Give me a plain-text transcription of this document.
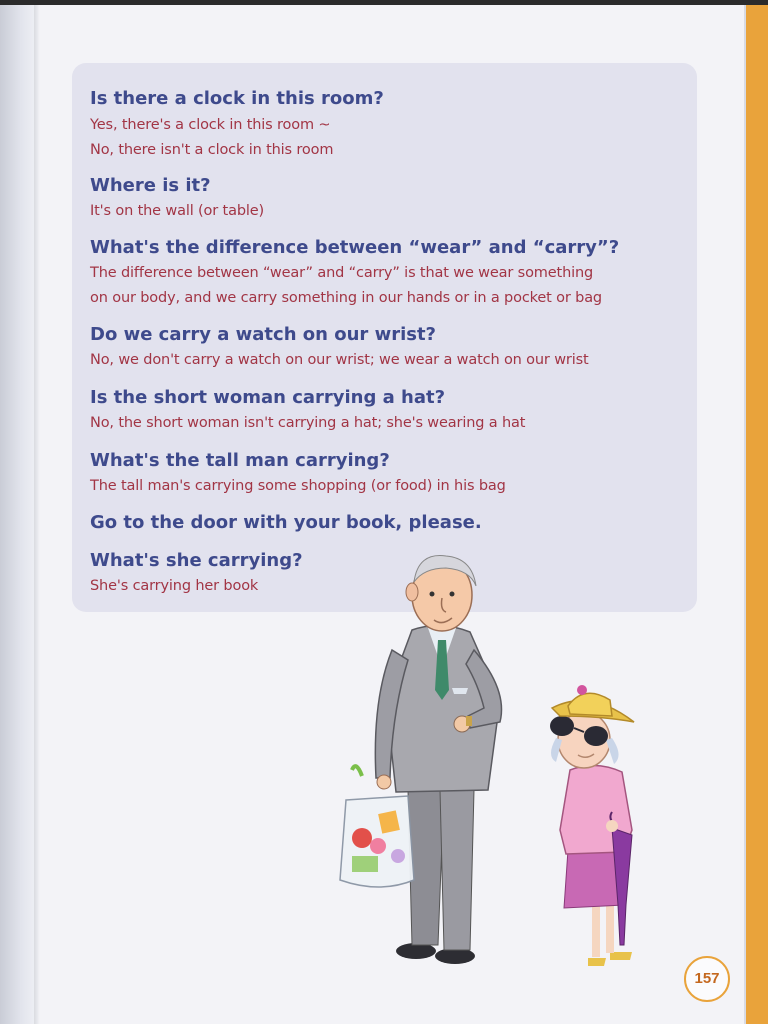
Is there a clock in this room?
Yes, there's a clock in this room ~
No, there isn't a clock in this room
Where is it?
It's on the wall (or table)
What's the difference between “wear” and “carry”?
The difference between “wear” and “carry” is that we wear something
on our body, and we carry something in our hands or in a pocket or bag
Do we carry a watch on our wrist?
No, we don't carry a watch on our wrist; we wear a watch on our wrist
Is the short woman carrying a hat?
No, the short woman isn't carrying a hat; she's wearing a hat
What's the tall man carrying?
The tall man's carrying some shopping (or food) in his bag
Go to the door with your book, please.
What's she carrying?
She's carrying her book
157
